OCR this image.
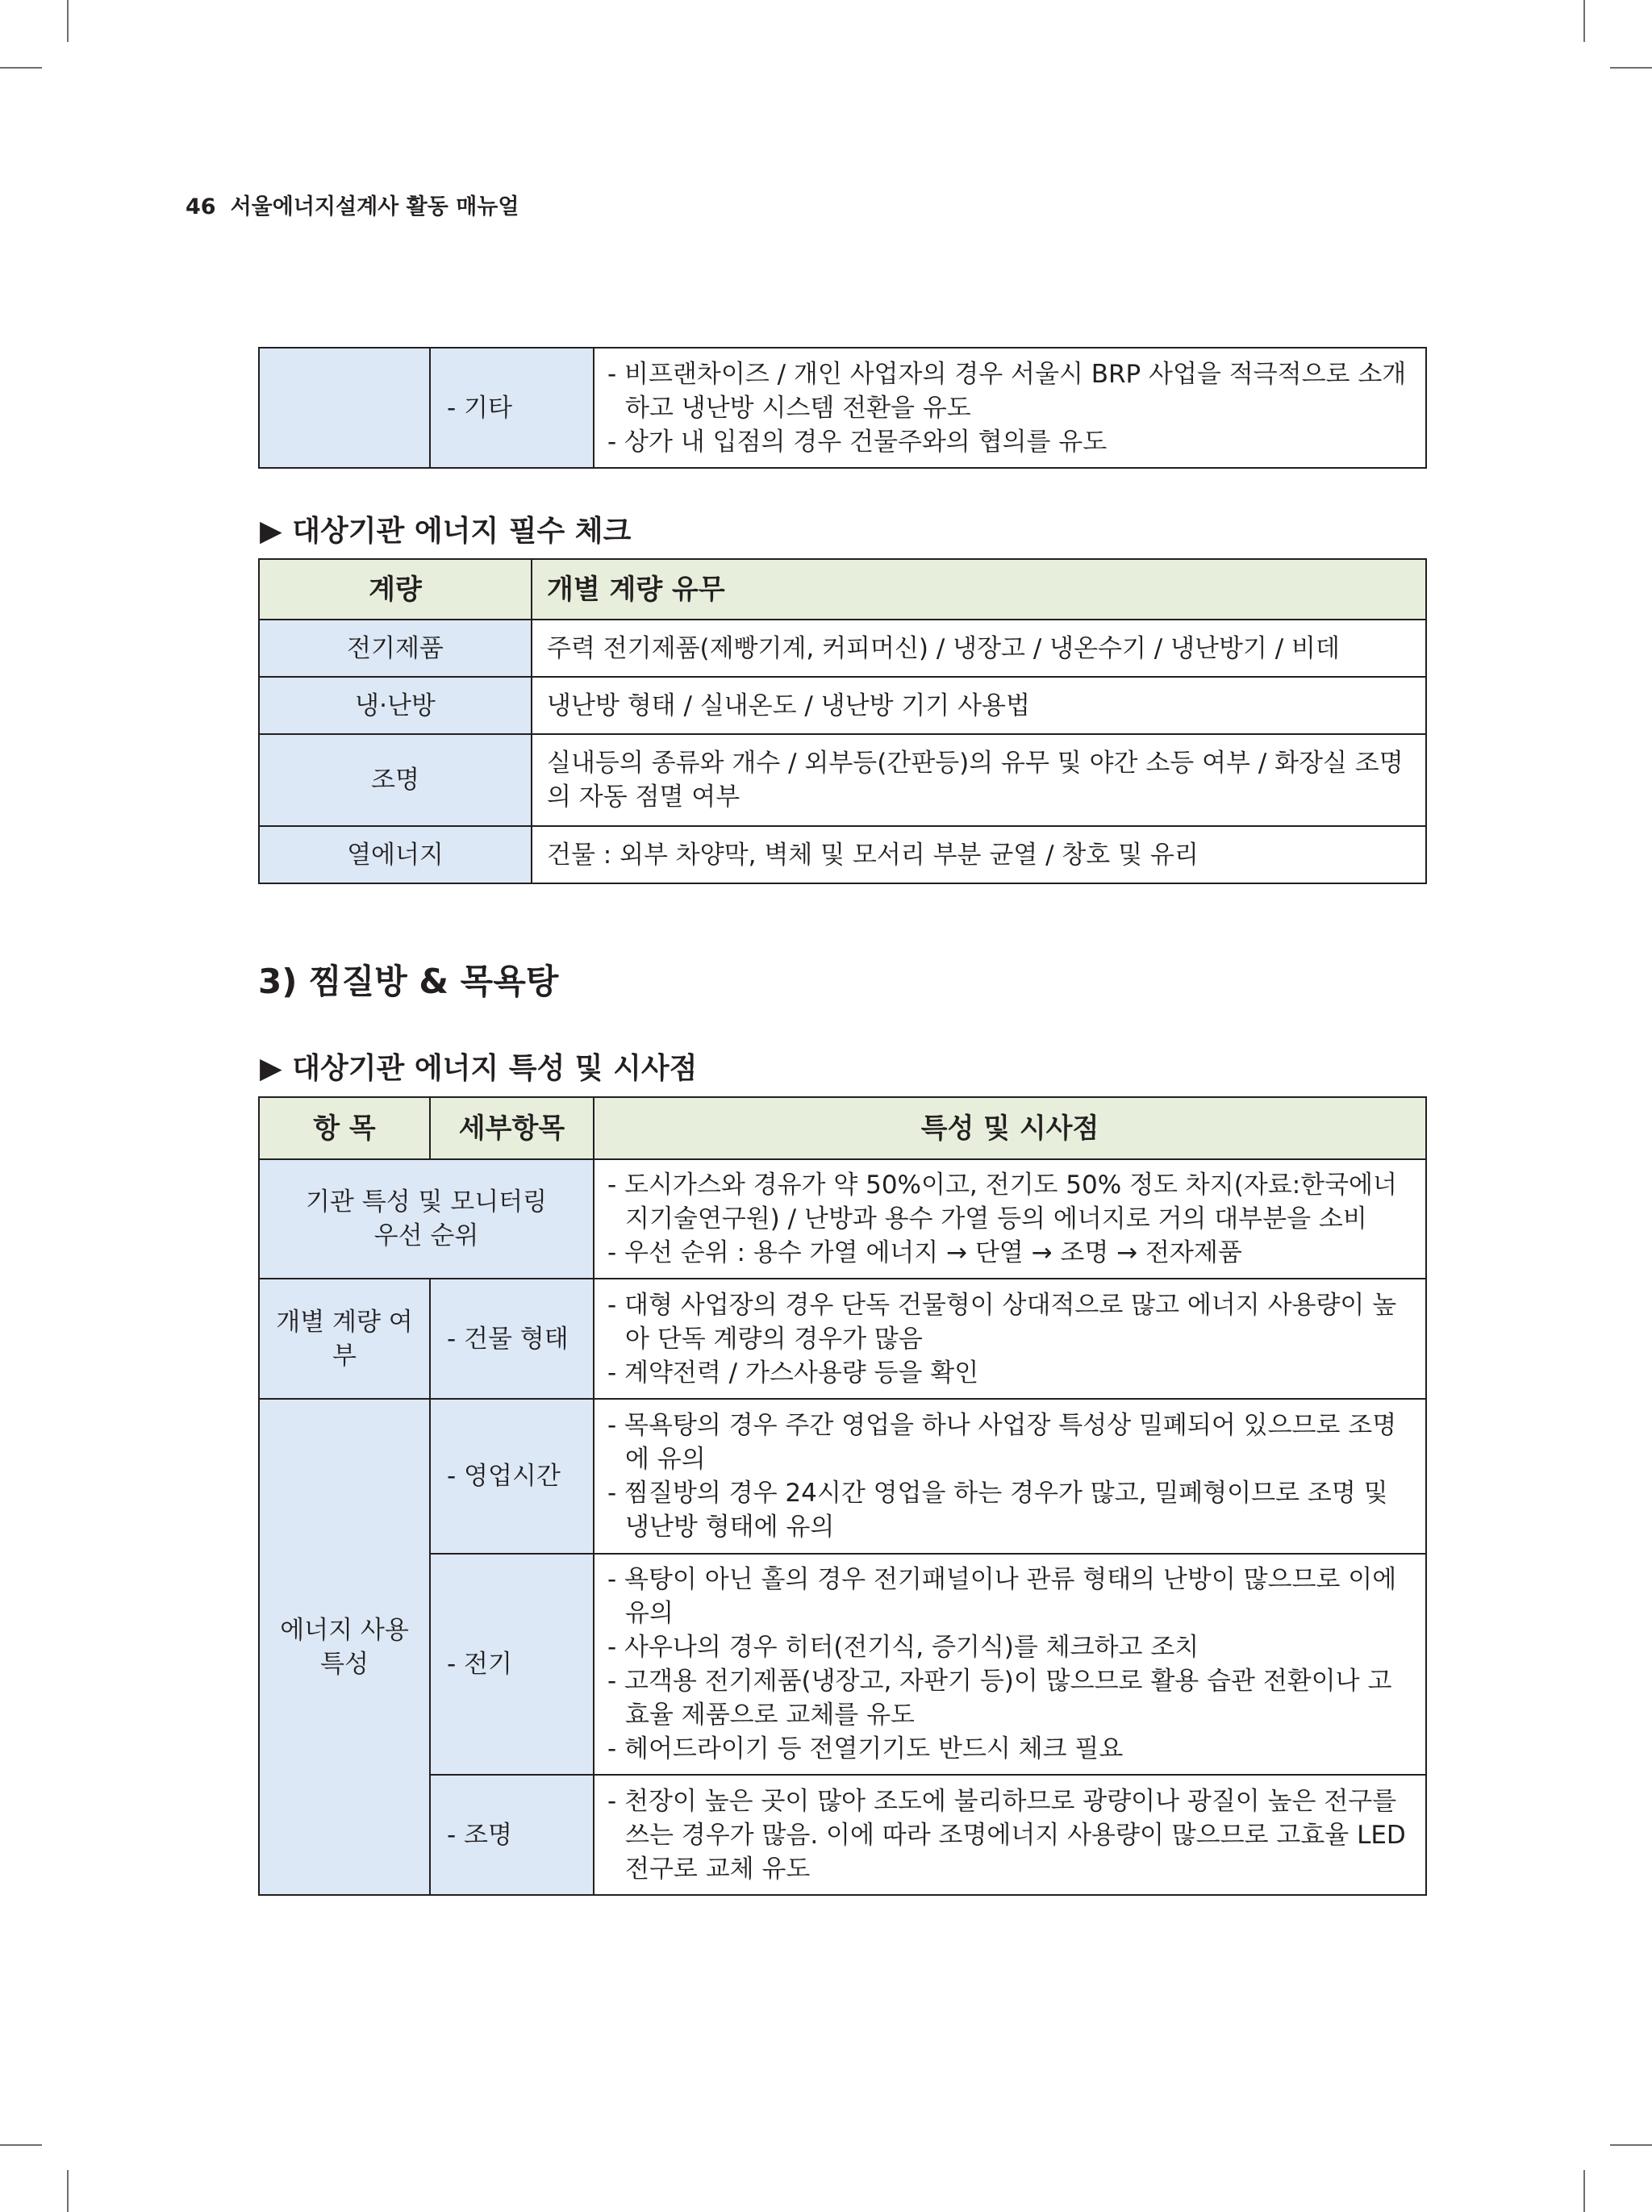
46 서울에너지설계사 활동 매뉴얼
	- 기타	
- 비프랜차이즈 / 개인 사업자의 경우 서울시 BRP 사업을 적극적으로 소개하고 냉난방 시스템 전환을 유도
- 상가 내 입점의 경우 건물주와의 협의를 유도
▶ 대상기관 에너지 필수 체크
계량	개별 계량 유무
전기제품	주력 전기제품(제빵기계, 커피머신) / 냉장고 / 냉온수기 / 냉난방기 / 비데
냉·난방	냉난방 형태 / 실내온도 / 냉난방 기기 사용법
조명	실내등의 종류와 개수 / 외부등(간판등)의 유무 및 야간 소등 여부 / 화장실 조명의 자동 점멸 여부
열에너지	건물 : 외부 차양막, 벽체 및 모서리 부분 균열 / 창호 및 유리
3) 찜질방 & 목욕탕
▶ 대상기관 에너지 특성 및 시사점
항 목	세부항목	특성 및 시사점
기관 특성 및 모니터링 우선 순위		- 도시가스와 경유가 약 50%이고, 전기도 50% 정도 차지(자료:한국에너지기술연구원) / 난방과 용수 가열 등의 에너지로 거의 대부분을 소비
- 우선 순위 : 용수 가열 에너지 → 단열 → 조명 → 전자제품

개별 계량 여부	- 건물 형태	- 대형 사업장의 경우 단독 건물형이 상대적으로 많고 에너지 사용량이 높아 단독 계량의 경우가 많음
- 계약전력 / 가스사용량 등을 확인

에너지 사용 특성	- 영업시간	- 목욕탕의 경우 주간 영업을 하나 사업장 특성상 밀폐되어 있으므로 조명에 유의
- 찜질방의 경우 24시간 영업을 하는 경우가 많고, 밀폐형이므로 조명 및 냉난방 형태에 유의

	- 전기	- 욕탕이 아닌 홀의 경우 전기패널이나 관류 형태의 난방이 많으므로 이에 유의
- 사우나의 경우 히터(전기식, 증기식)를 체크하고 조치
- 고객용 전기제품(냉장고, 자판기 등)이 많으므로 활용 습관 전환이나 고효율 제품으로 교체를 유도
- 헤어드라이기 등 전열기기도 반드시 체크 필요

	- 조명	- 천장이 높은 곳이 많아 조도에 불리하므로 광량이나 광질이 높은 전구를 쓰는 경우가 많음. 이에 따라 조명에너지 사용량이 많으므로 고효율 LED 전구로 교체 유도
